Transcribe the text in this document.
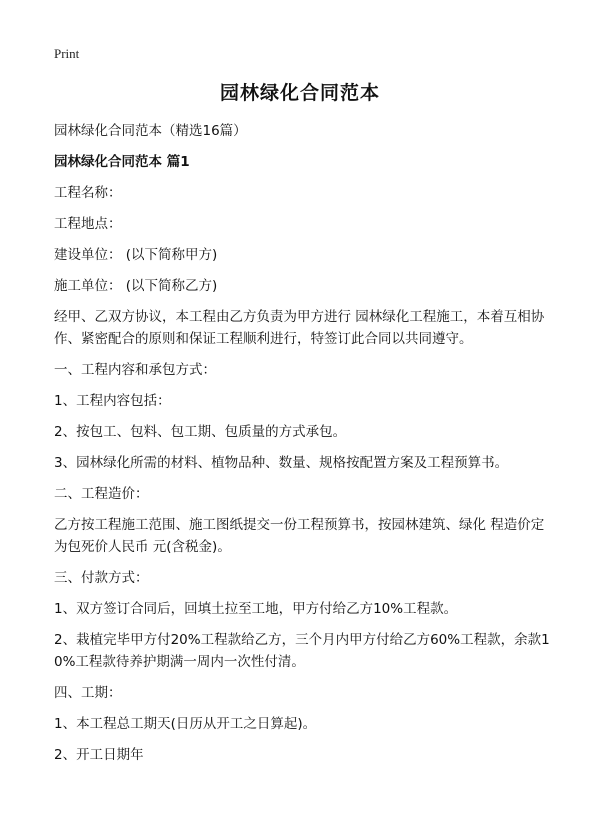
Print
园林绿化合同范本

园林绿化合同范本（精选16篇）

园林绿化合同范本 篇1

工程名称：

工程地点：

建设单位： (以下简称甲方)

施工单位： (以下简称乙方)

经甲、乙双方协议，本工程由乙方负责为甲方进行 园林绿化工程施工，本着互相协作、紧密配合的原则和保证工程顺利进行，特签订此合同以共同遵守。

一、工程内容和承包方式：

1、工程内容包括：

2、按包工、包料、包工期、包质量的方式承包。

3、园林绿化所需的材料、植物品种、数量、规格按配置方案及工程预算书。

二、工程造价：

乙方按工程施工范围、施工图纸提交一份工程预算书，按园林建筑、绿化 程造价定为包死价人民币 元(含税金)。

三、付款方式：

1、双方签订合同后，回填土拉至工地，甲方付给乙方10%工程款。

2、栽植完毕甲方付20%工程款给乙方，三个月内甲方付给乙方60%工程款，余款10%工程款待养护期满一周内一次性付清。

四、工期：

1、本工程总工期天(日历从开工之日算起)。

2、开工日期年
